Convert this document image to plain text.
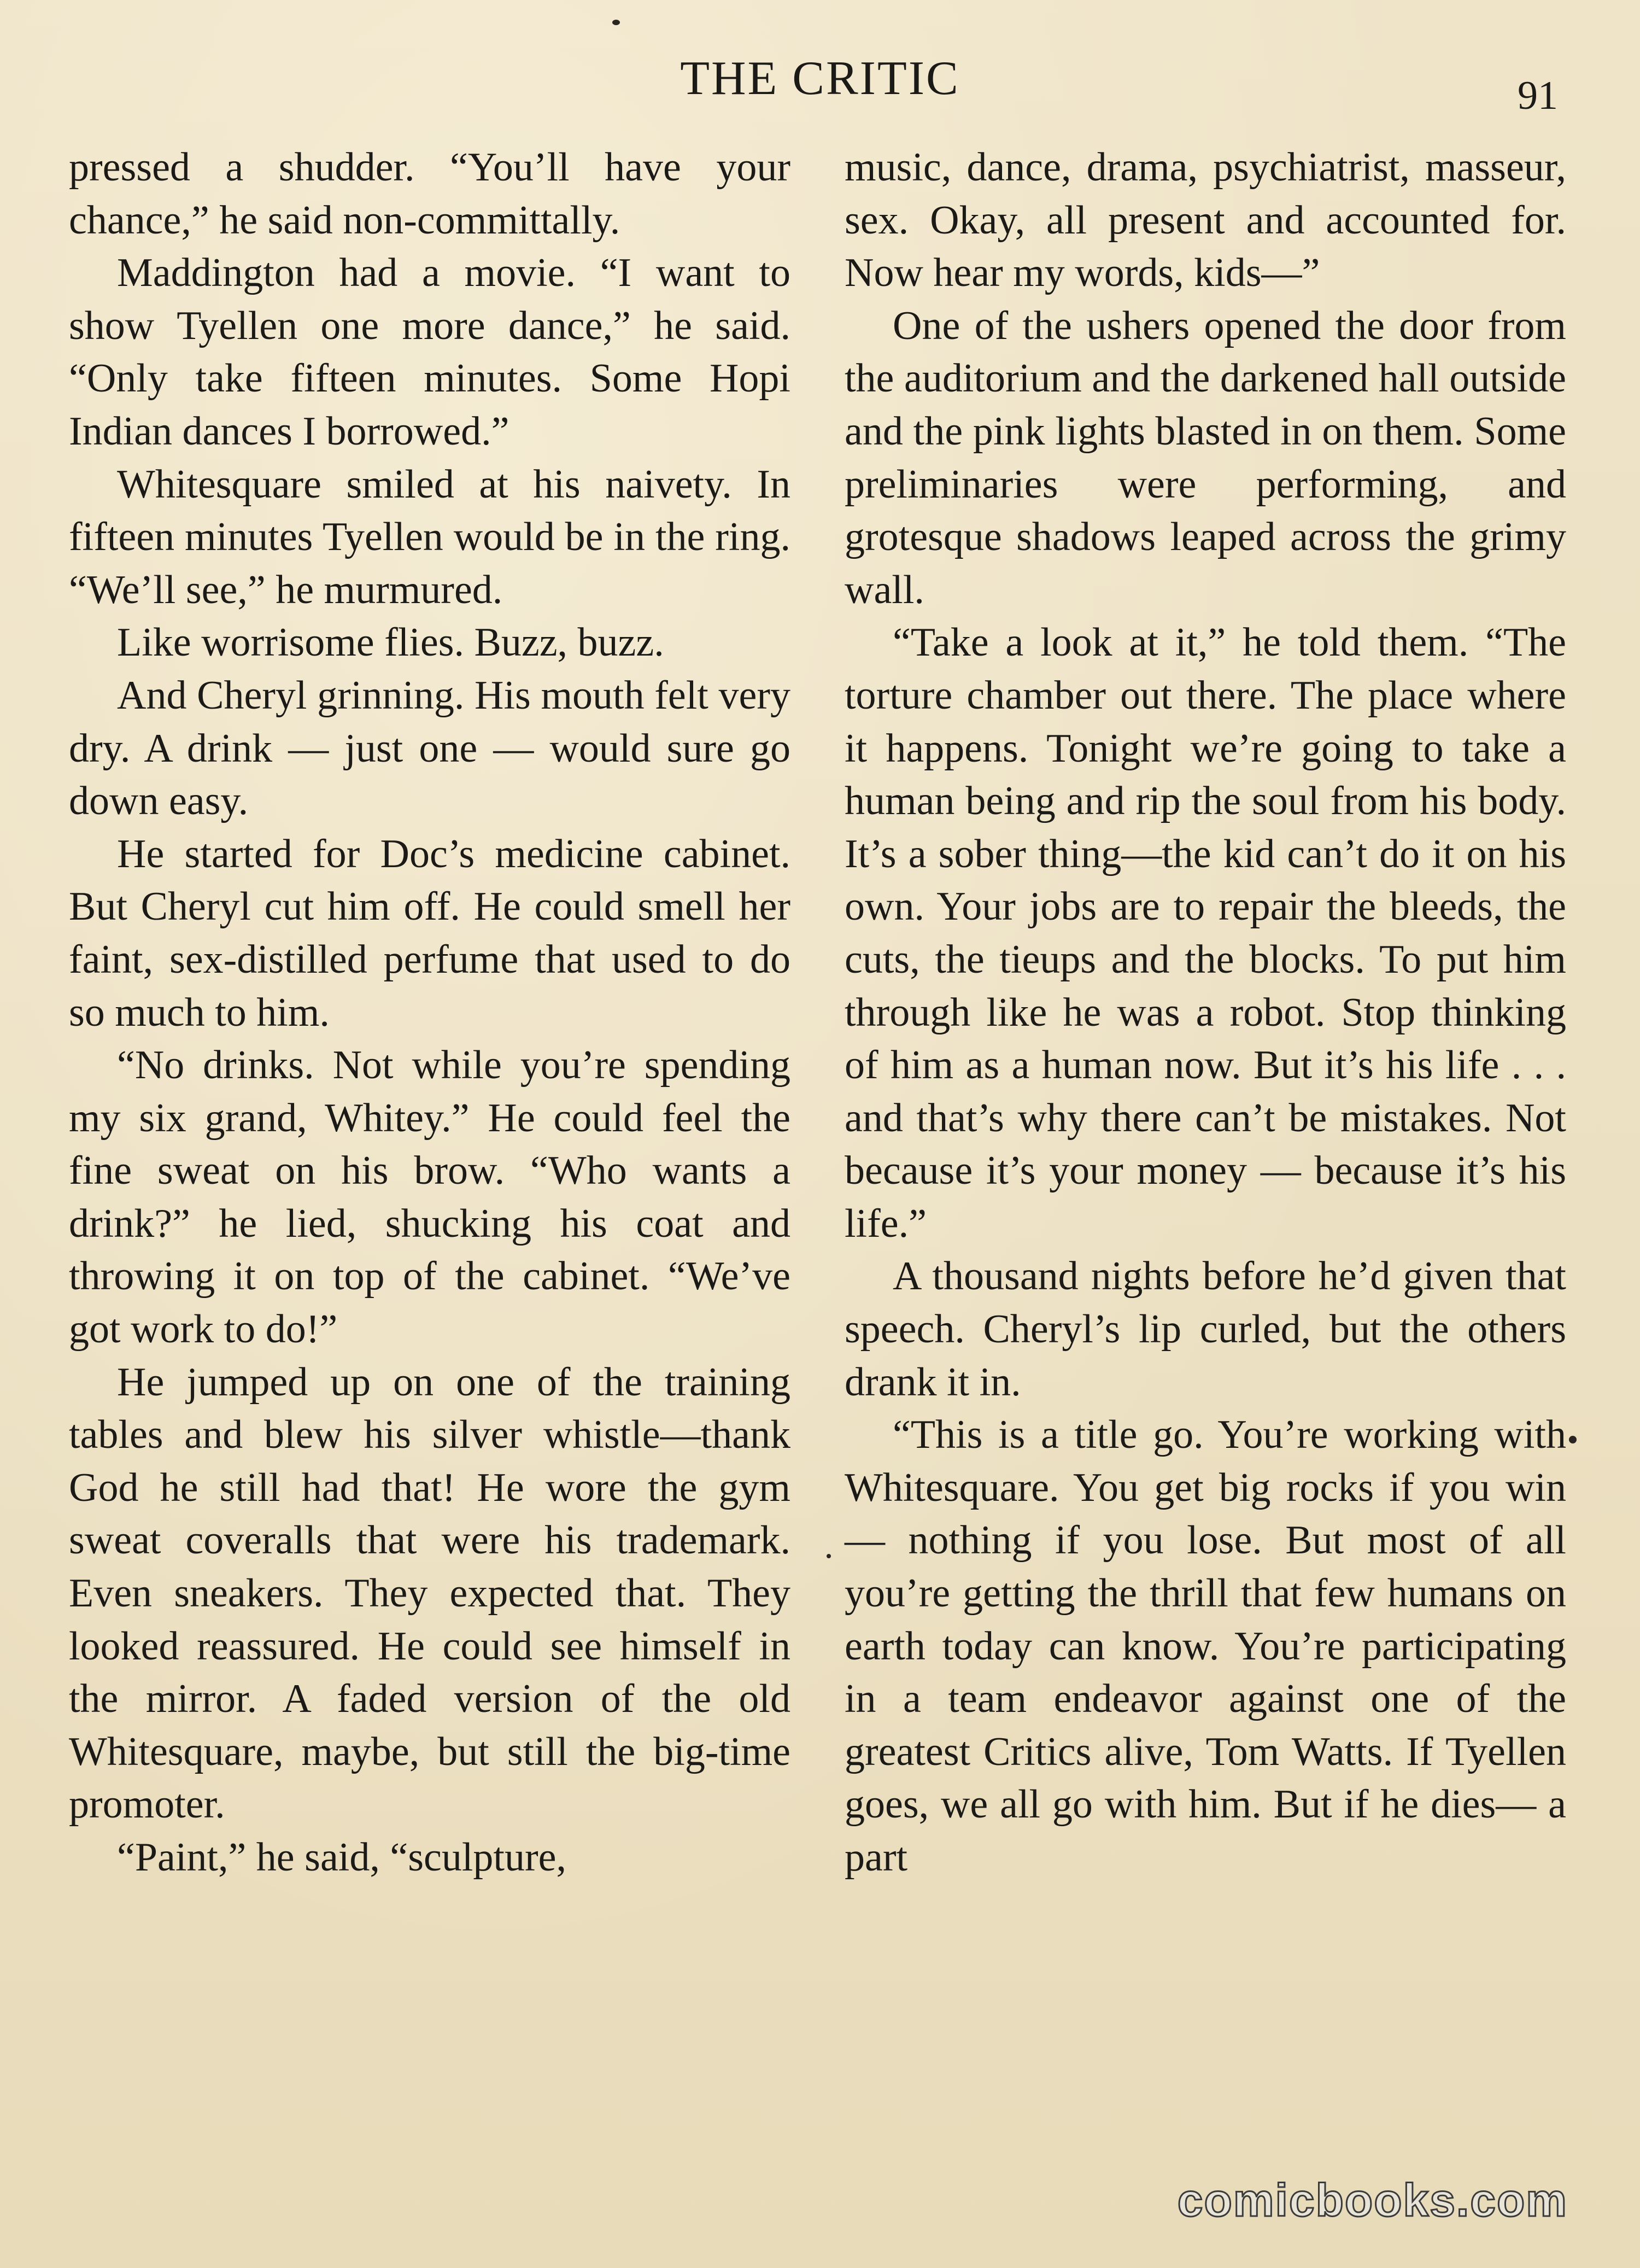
THE CRITIC	91

pressed a shudder. “You’ll have your chance,” he said non-committally.

Maddington had a movie. “I want to show Tyellen one more dance,” he said. “Only take fifteen minutes. Some Hopi Indian dances I borrowed.”

Whitesquare smiled at his naivety. In fifteen minutes Tyellen would be in the ring. “We’ll see,” he murmured.

Like worrisome flies. Buzz, buzz.

And Cheryl grinning. His mouth felt very dry. A drink — just one — would sure go down easy.

He started for Doc’s medicine cabinet. But Cheryl cut him off. He could smell her faint, sex-distilled perfume that used to do so much to him.

“No drinks. Not while you’re spending my six grand, Whitey.” He could feel the fine sweat on his brow. “Who wants a drink?” he lied, shucking his coat and throwing it on top of the cabinet. “We’ve got work to do!”

He jumped up on one of the training tables and blew his silver whistle—thank God he still had that! He wore the gym sweat coveralls that were his trademark. Even sneakers. They expected that. They looked reassured. He could see himself in the mirror. A faded version of the old Whitesquare, maybe, but still the big-time promoter.

“Paint,” he said, “sculpture,

music, dance, drama, psychiatrist, masseur, sex. Okay, all present and accounted for. Now hear my words, kids—”

One of the ushers opened the door from the auditorium and the darkened hall outside and the pink lights blasted in on them. Some preliminaries were performing, and grotesque shadows leaped across the grimy wall.

“Take a look at it,” he told them. “The torture chamber out there. The place where it happens. Tonight we’re going to take a human being and rip the soul from his body. It’s a sober thing—the kid can’t do it on his own. Your jobs are to repair the bleeds, the cuts, the tieups and the blocks. To put him through like he was a robot. Stop thinking of him as a human now. But it’s his life . . . and that’s why there can’t be mistakes. Not because it’s your money — because it’s his life.”

A thousand nights before he’d given that speech. Cheryl’s lip curled, but the others drank it in.

“This is a title go. You’re working with Whitesquare. You get big rocks if you win — nothing if you lose. But most of all you’re getting the thrill that few humans on earth today can know. You’re participating in a team endeavor against one of the greatest Critics alive, Tom Watts. If Tyellen goes, we all go with him. But if he dies— a part

comicbooks.com
